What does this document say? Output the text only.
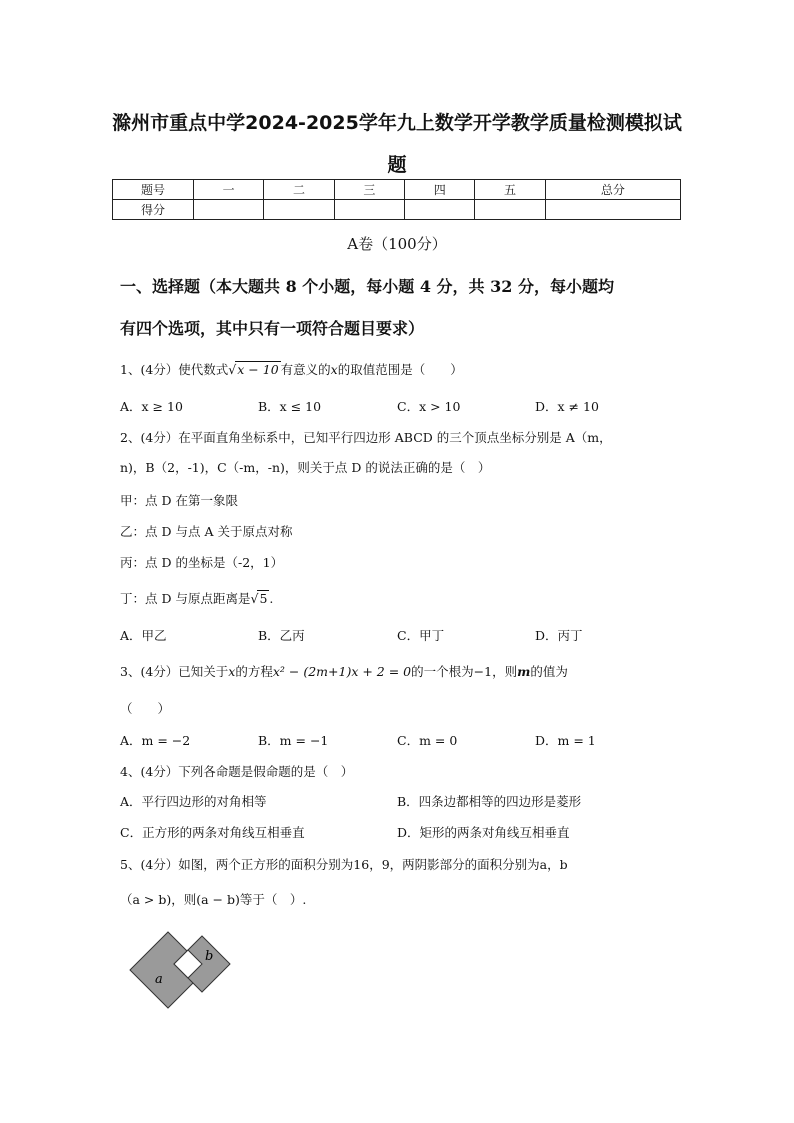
滁州市重点中学2024-2025学年九上数学开学教学质量检测模拟试
题
题号	一	二	三	四	五	总分
得分						
A卷（100分）
一、选择题（本大题共 8 个小题，每小题 4 分，共 32 分，每小题均
有四个选项，其中只有一项符合题目要求）
1、(4分）使代数式√x − 10 有意义的x的取值范围是（　　）
A．x ≥ 10	B．x ≤ 10	C．x > 10	D．x ≠ 10
2、(4分）在平面直角坐标系中，已知平行四边形 ABCD 的三个顶点坐标分别是 A（m，
n)，B（2，-1)，C（-m，-n)，则关于点 D 的说法正确的是（　）
甲：点 D 在第一象限
乙：点 D 与点 A 关于原点对称
丙：点 D 的坐标是（-2，1）
丁：点 D 与原点距离是√5 .
A．甲乙	B．乙丙	C．甲丁	D．丙丁
3、(4分）已知关于x的方程x² − (2m+1)x + 2 = 0的一个根为−1，则m的值为
（　　）
A．m = −2	B．m = −1	C．m = 0	D．m = 1
4、(4分）下列各命题是假命题的是（　）
A．平行四边形的对角相等	B．四条边都相等的四边形是菱形
C．正方形的两条对角线互相垂直	D．矩形的两条对角线互相垂直
5、(4分）如图，两个正方形的面积分别为16，9，两阴影部分的面积分别为a，b
（a > b)，则(a − b)等于（　）.
a
b
